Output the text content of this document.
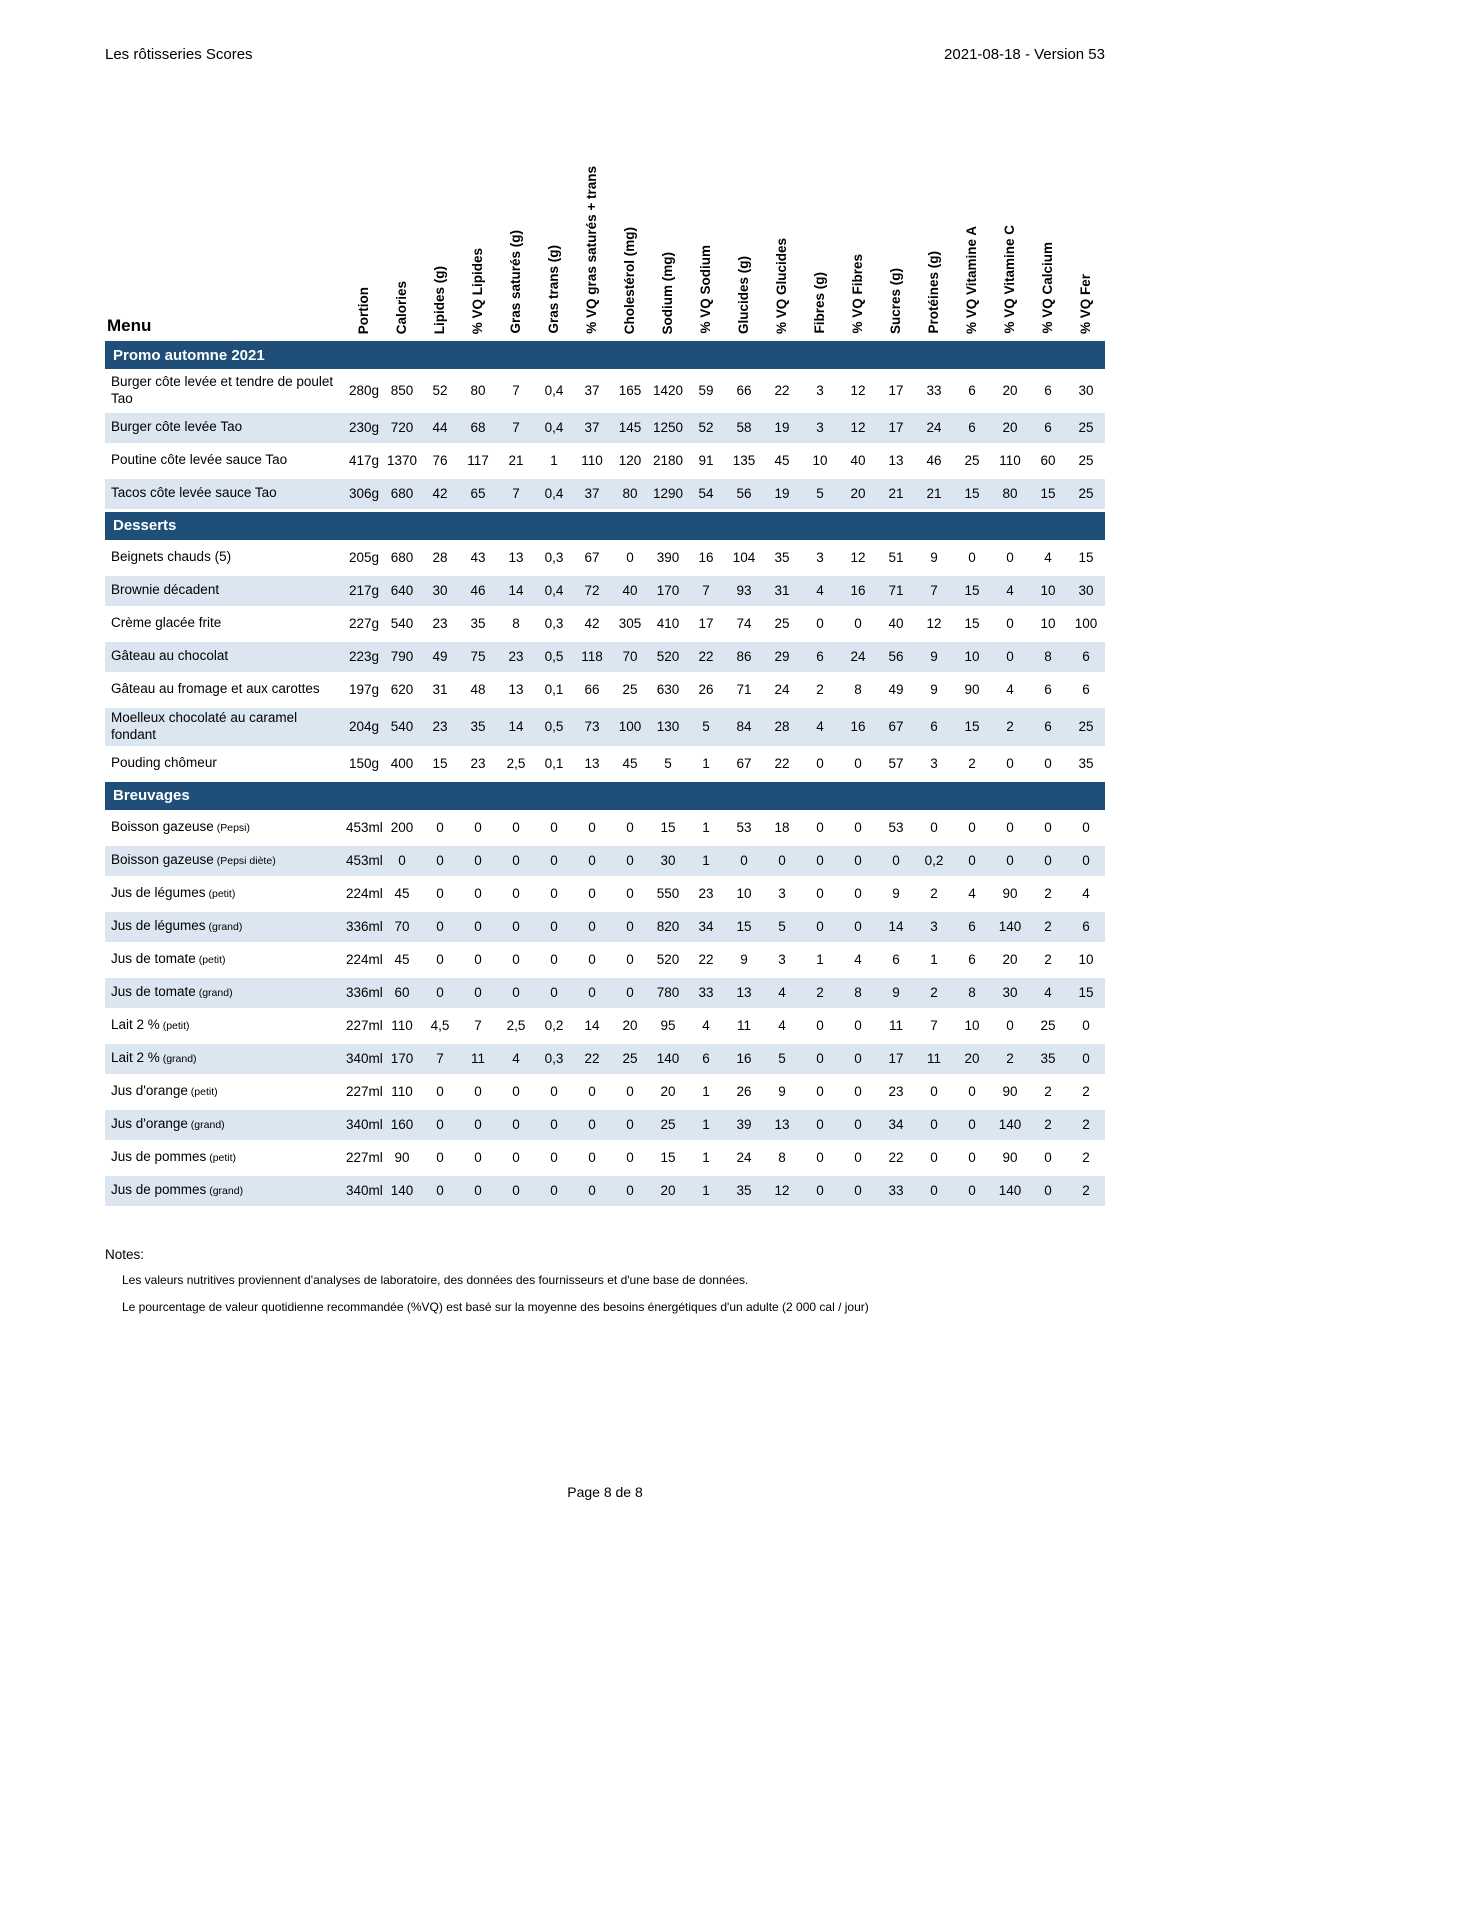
Les rôtisseries Scores	2021-08-18 - Version 53
Menu	Portion	Calories	Lipides (g)	% VQ Lipides	Gras saturés (g)	Gras trans (g)	% VQ gras saturés + trans	Cholestérol (mg)	Sodium (mg)	% VQ Sodium	Glucides (g)	% VQ Glucides	Fibres (g)	% VQ Fibres	Sucres (g)	Protéines (g)	% VQ Vitamine A	% VQ Vitamine C	% VQ Calcium	% VQ Fer

Promo automne 2021																				
Burger côte levée et tendre de poulet Tao	280g	850	52	80	7	0,4	37	165	1420	59	66	22	3	12	17	33	6	20	6	30
Burger côte levée Tao	230g	720	44	68	7	0,4	37	145	1250	52	58	19	3	12	17	24	6	20	6	25
Poutine côte levée sauce Tao	417g	1370	76	117	21	1	110	120	2180	91	135	45	10	40	13	46	25	110	60	25
Tacos côte levée sauce Tao	306g	680	42	65	7	0,4	37	80	1290	54	56	19	5	20	21	21	15	80	15	25
Desserts																				
Beignets chauds (5)	205g	680	28	43	13	0,3	67	0	390	16	104	35	3	12	51	9	0	0	4	15
Brownie décadent	217g	640	30	46	14	0,4	72	40	170	7	93	31	4	16	71	7	15	4	10	30
Crème glacée frite	227g	540	23	35	8	0,3	42	305	410	17	74	25	0	0	40	12	15	0	10	100
Gâteau au chocolat	223g	790	49	75	23	0,5	118	70	520	22	86	29	6	24	56	9	10	0	8	6
Gâteau au fromage et aux carottes	197g	620	31	48	13	0,1	66	25	630	26	71	24	2	8	49	9	90	4	6	6
Moelleux chocolaté au caramel fondant	204g	540	23	35	14	0,5	73	100	130	5	84	28	4	16	67	6	15	2	6	25
Pouding chômeur	150g	400	15	23	2,5	0,1	13	45	5	1	67	22	0	0	57	3	2	0	0	35
Breuvages																				
Boisson gazeuse (Pepsi)	453ml	200	0	0	0	0	0	0	15	1	53	18	0	0	53	0	0	0	0	0
Boisson gazeuse (Pepsi diète)	453ml	0	0	0	0	0	0	0	30	1	0	0	0	0	0	0,2	0	0	0	0
Jus de légumes (petit)	224ml	45	0	0	0	0	0	0	550	23	10	3	0	0	9	2	4	90	2	4
Jus de légumes (grand)	336ml	70	0	0	0	0	0	0	820	34	15	5	0	0	14	3	6	140	2	6
Jus de tomate (petit)	224ml	45	0	0	0	0	0	0	520	22	9	3	1	4	6	1	6	20	2	10
Jus de tomate (grand)	336ml	60	0	0	0	0	0	0	780	33	13	4	2	8	9	2	8	30	4	15
Lait 2 % (petit)	227ml	110	4,5	7	2,5	0,2	14	20	95	4	11	4	0	0	11	7	10	0	25	0
Lait 2 % (grand)	340ml	170	7	11	4	0,3	22	25	140	6	16	5	0	0	17	11	20	2	35	0
Jus d'orange (petit)	227ml	110	0	0	0	0	0	0	20	1	26	9	0	0	23	0	0	90	2	2
Jus d'orange (grand)	340ml	160	0	0	0	0	0	0	25	1	39	13	0	0	34	0	0	140	2	2
Jus de pommes (petit)	227ml	90	0	0	0	0	0	0	15	1	24	8	0	0	22	0	0	90	0	2
Jus de pommes (grand)	340ml	140	0	0	0	0	0	0	20	1	35	12	0	0	33	0	0	140	0	2
Notes:
Les valeurs nutritives proviennent d'analyses de laboratoire, des données des fournisseurs et d'une base de données.
Le pourcentage de valeur quotidienne recommandée (%VQ) est basé sur la moyenne des besoins énergétiques d'un adulte (2 000 cal / jour)
Page 8 de 8
